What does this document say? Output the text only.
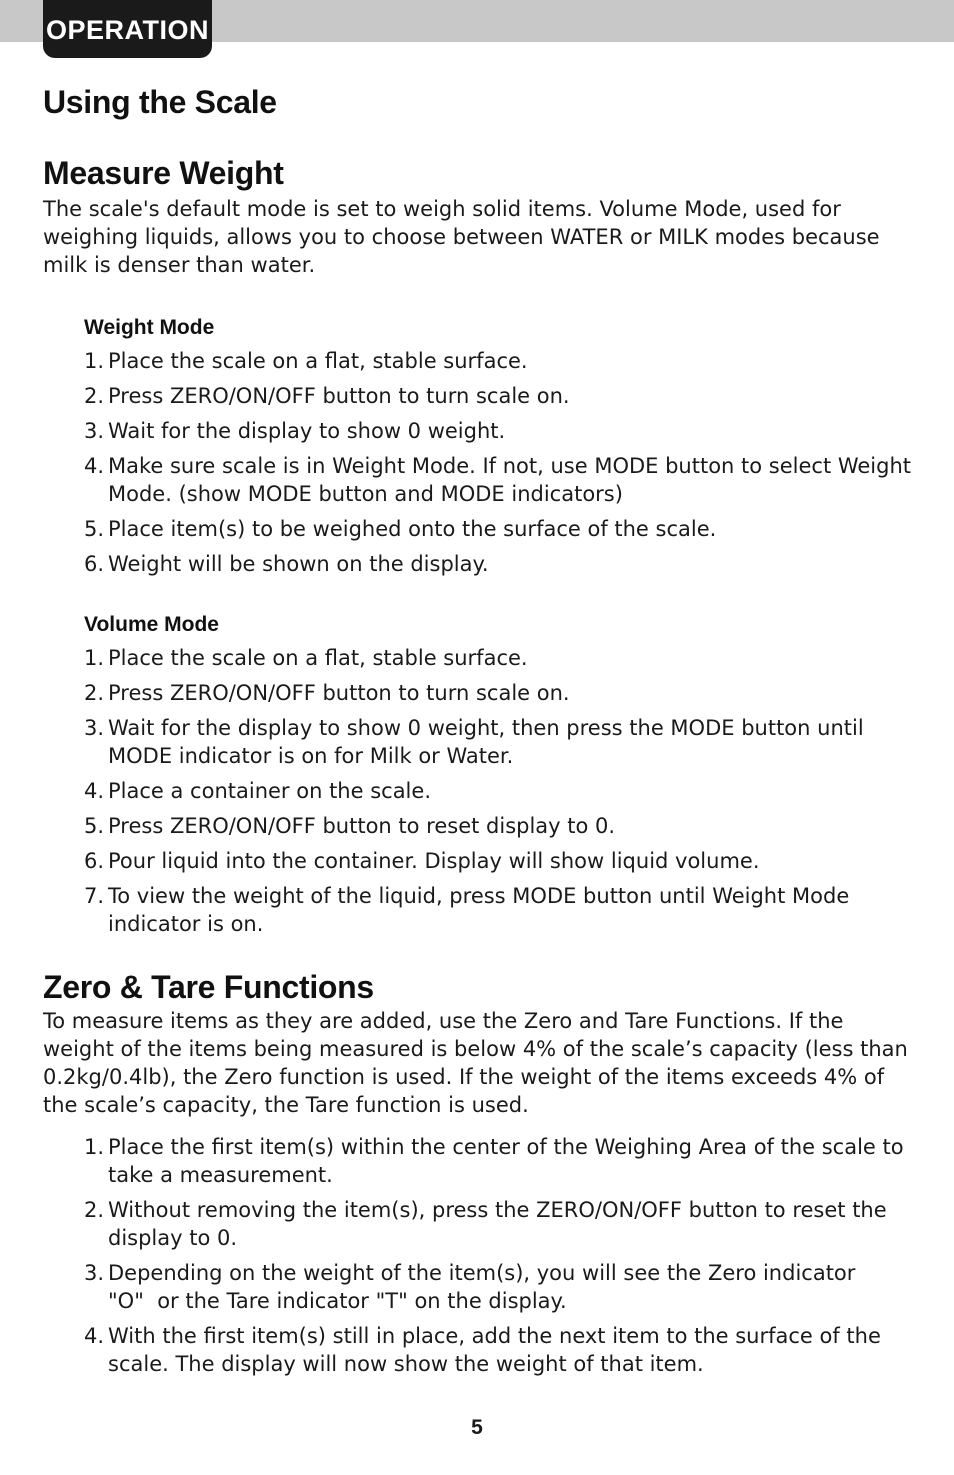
OPERATION
Using the Scale
Measure Weight

The scale's default mode is set to weigh solid items. Volume Mode, used for weighing liquids, allows you to choose between WATER or MILK modes because milk is denser than water.

Weight Mode
1. Place the scale on a flat, stable surface.
2. Press ZERO/ON/OFF button to turn scale on.
3. Wait for the display to show 0 weight.
4. Make sure scale is in Weight Mode. If not, use MODE button to select Weight Mode. (show MODE button and MODE indicators)
5. Place item(s) to be weighed onto the surface of the scale.
6. Weight will be shown on the display.
Volume Mode
1. Place the scale on a flat, stable surface.
2. Press ZERO/ON/OFF button to turn scale on.
3. Wait for the display to show 0 weight, then press the MODE button until MODE indicator is on for Milk or Water.
4. Place a container on the scale.
5. Press ZERO/ON/OFF button to reset display to 0.
6. Pour liquid into the container. Display will show liquid volume.
7. To view the weight of the liquid, press MODE button until Weight Mode indicator is on.
Zero & Tare Functions

To measure items as they are added, use the Zero and Tare Functions. If the weight of the items being measured is below 4% of the scale’s capacity (less than 0.2kg/0.4lb), the Zero function is used. If the weight of the items exceeds 4% of the scale’s capacity, the Tare function is used.

1. Place the first item(s) within the center of the Weighing Area of the scale to take a measurement.
2. Without removing the item(s), press the ZERO/ON/OFF button to reset the display to 0.
3. Depending on the weight of the item(s), you will see the Zero indicator
"O"  or the Tare indicator "T" on the display.
4. With the first item(s) still in place, add the next item to the surface of the scale. The display will now show the weight of that item.
5
